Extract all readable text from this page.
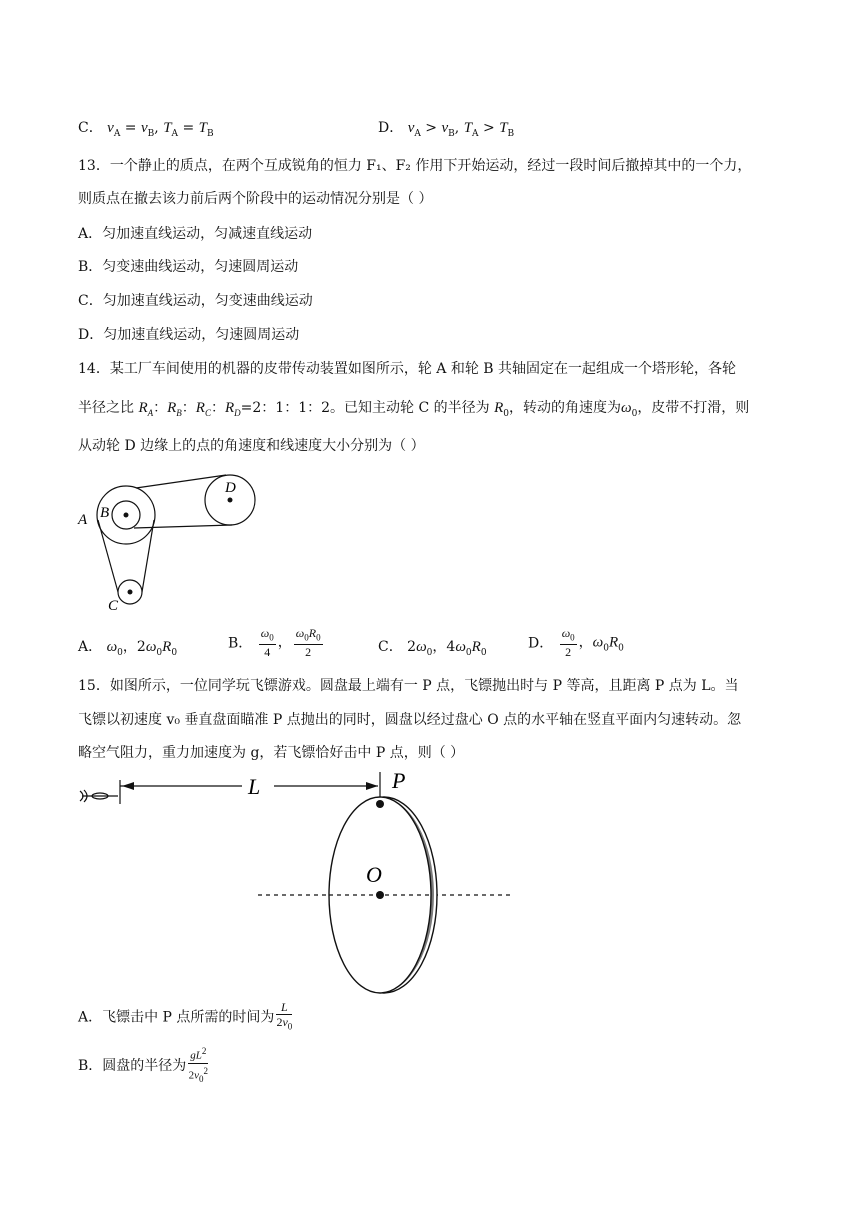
C． $v_A = v_B$, $T_A = T_B$	D． $v_A > v_B$, $T_A > T_B$
13．一个静止的质点，在两个互成锐角的恒力 F₁、F₂ 作用下开始运动，经过一段时间后撤掉其中的一个力，
则质点在撤去该力前后两个阶段中的运动情况分别是（ ）
A．匀加速直线运动，匀减速直线运动
B．匀变速曲线运动，匀速圆周运动
C．匀加速直线运动，匀变速曲线运动
D．匀加速直线运动，匀速圆周运动
14．某工厂车间使用的机器的皮带传动装置如图所示，轮 A 和轮 B 共轴固定在一起组成一个塔形轮，各轮
半径之比 $R_A$：$R_B$：$R_C$：$R_D=2$：1：1：2。已知主动轮 C 的半径为 $R_0$，转动的角速度为$\omega_0$，皮带不打滑，则
从动轮 D 边缘上的点的角速度和线速度大小分别为（ ）
A B
C
D
A． $\omega_0$，$2\omega_0R_0$
B． $\frac{\omega_0}{4}$ ， $\frac{\omega_0R_0}{2}$	C． $2\omega_0$，$4\omega_0R_0$
D． $\frac{\omega_0}{2}$ ，$\omega_0R_0$
15．如图所示，一位同学玩飞镖游戏。圆盘最上端有一 P 点，飞镖抛出时与 P 等高，且距离 P 点为 L。当
飞镖以初速度 v₀ 垂直盘面瞄准 P 点抛出的同时，圆盘以经过盘心 O 点的水平轴在竖直平面内匀速转动。忽
略空气阻力，重力加速度为 g，若飞镖恰好击中 P 点，则（ ）
L	P
O
A．飞镖击中 P 点所需的时间为 $\frac{L}{2v_0}$
B．圆盘的半径为 $\frac{gL^2}{2v_0^2}$
